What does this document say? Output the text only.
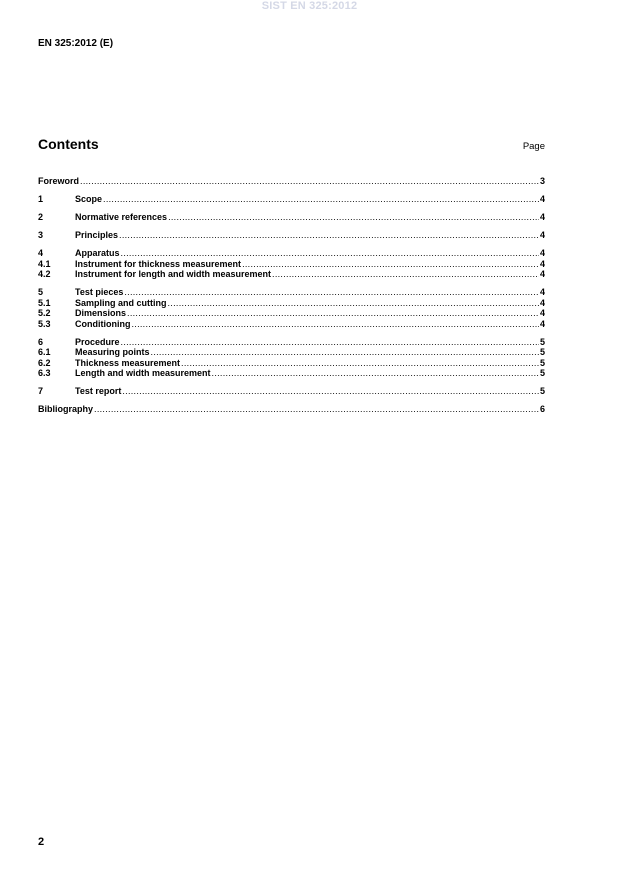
SIST EN 325:2012
EN 325:2012 (E)
Contents	Page
Foreword .....	3
1	Scope .....	4
2	Normative references .....	4
3	Principles .....	4
4	Apparatus .....	4
4.1	Instrument for thickness measurement .....	4
4.2	Instrument for length and width measurement .....	4
5	Test pieces .....	4
5.1	Sampling and cutting .....	4
5.2	Dimensions .....	4
5.3	Conditioning .....	4
6	Procedure .....	5
6.1	Measuring points .....	5
6.2	Thickness measurement .....	5
6.3	Length and width measurement .....	5
7	Test report .....	5
Bibliography .....	6
2
